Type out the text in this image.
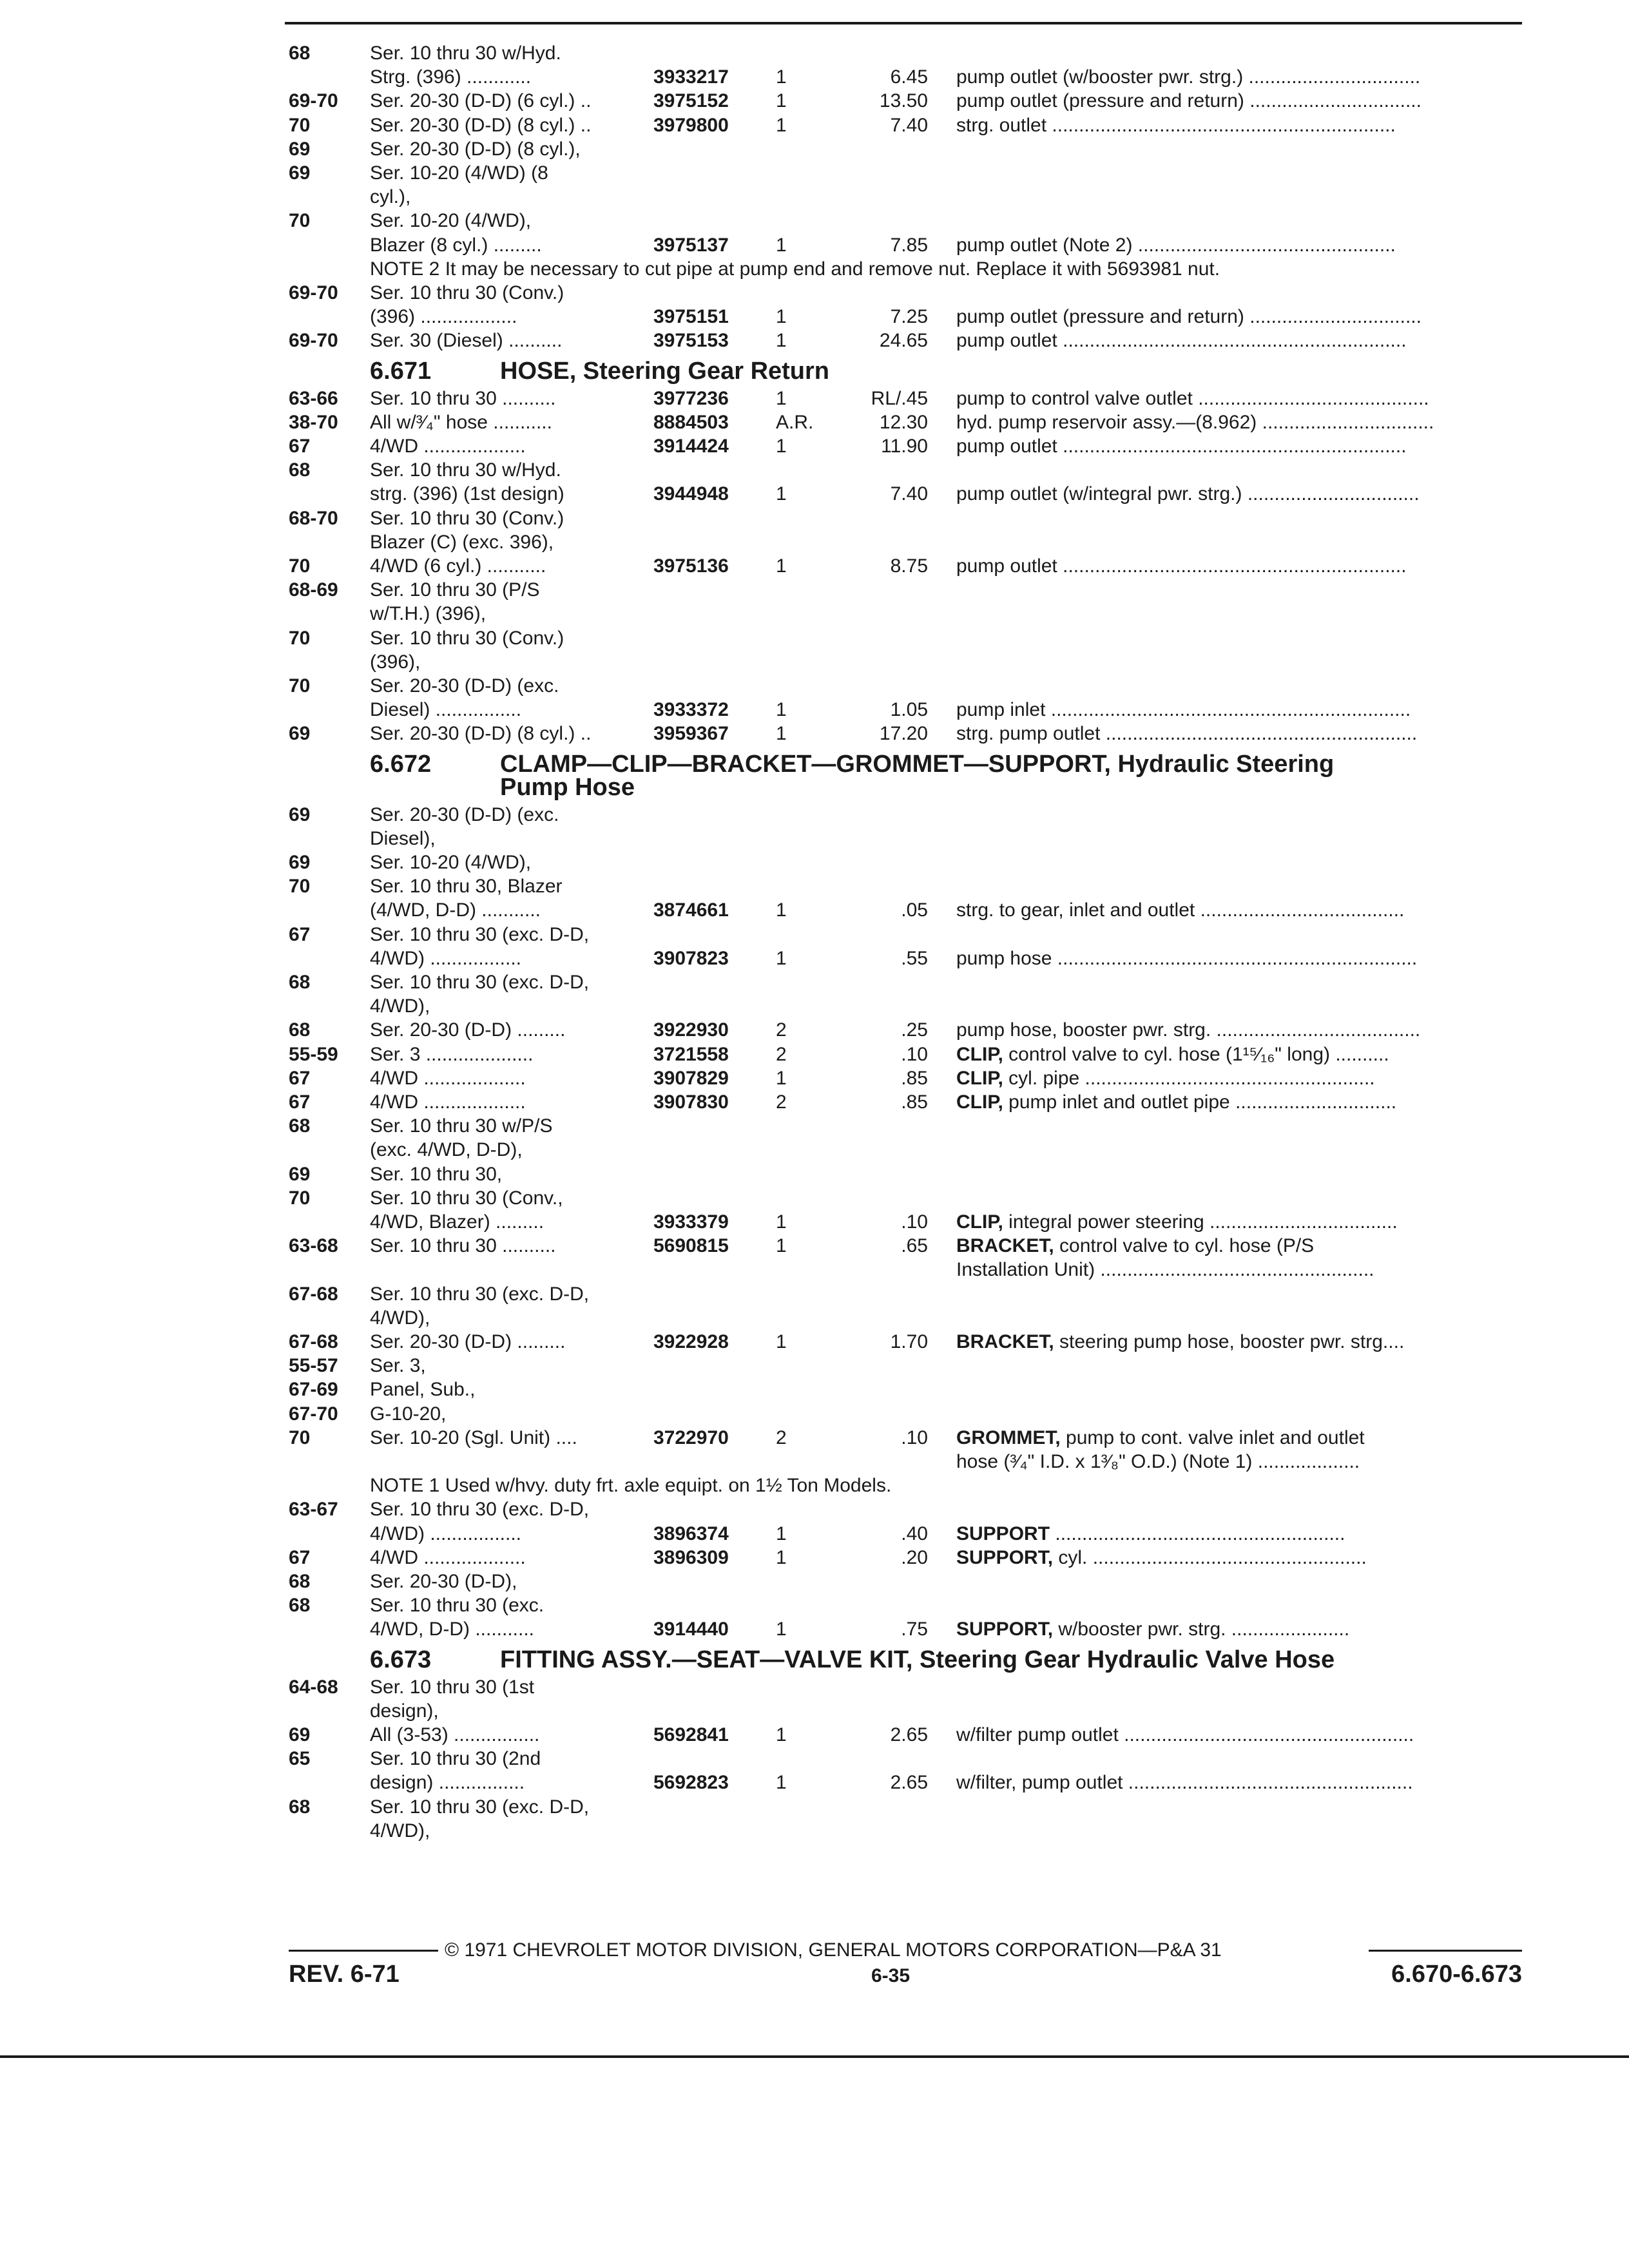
68	Ser. 10 thru 30 w/Hyd.
Strg. (396) ............	3933217 1	6.45 pump outlet (w/booster pwr. strg.) ................................
69-70 Ser. 20-30 (D-D) (6 cyl.) ..	3975152 1	13.50 pump outlet (pressure and return) ................................
70	Ser. 20-30 (D-D) (8 cyl.) ..	3979800 1	7.40 strg. outlet ................................................................
69	Ser. 20-30 (D-D) (8 cyl.),
69	Ser. 10-20 (4/WD) (8
cyl.),
70	Ser. 10-20 (4/WD),
Blazer (8 cyl.) .........	3975137 1	7.85 pump outlet (Note 2) ................................................
NOTE 2 It may be necessary to cut pipe at pump end and remove nut. Replace it with 5693981 nut.
69-70 Ser. 10 thru 30 (Conv.)
(396) ..................	3975151 1	7.25 pump outlet (pressure and return) ................................
69-70 Ser. 30 (Diesel) ..........	3975153 1	24.65 pump outlet ................................................................
6.671	HOSE, Steering Gear Return
63-66 Ser. 10 thru 30 ..........	3977236 1	RL/.45 pump to control valve outlet ...........................................
38-70 All w/³⁄₄" hose ...........	8884503 A.R.	12.30 hyd. pump reservoir assy.—(8.962) ................................
67	4/WD ...................	3914424 1	11.90 pump outlet ................................................................
68	Ser. 10 thru 30 w/Hyd.
strg. (396) (1st design)	3944948 1	7.40 pump outlet (w/integral pwr. strg.) ................................
68-70 Ser. 10 thru 30 (Conv.)
Blazer (C) (exc. 396),
70	4/WD (6 cyl.) ...........	3975136 1	8.75 pump outlet ................................................................
68-69 Ser. 10 thru 30 (P/S
w/T.H.) (396),
70	Ser. 10 thru 30 (Conv.)
(396),
70	Ser. 20-30 (D-D) (exc.
Diesel) ................	3933372 1	1.05 pump inlet ...................................................................
69	Ser. 20-30 (D-D) (8 cyl.) ..	3959367 1	17.20 strg. pump outlet ..........................................................
6.672	CLAMP—CLIP—BRACKET—GROMMET—SUPPORT, Hydraulic Steering
Pump Hose
69	Ser. 20-30 (D-D) (exc.
Diesel),
69	Ser. 10-20 (4/WD),
70	Ser. 10 thru 30, Blazer
(4/WD, D-D) ...........	3874661 1	.05 strg. to gear, inlet and outlet ......................................
67	Ser. 10 thru 30 (exc. D-D,
4/WD) .................	3907823 1	.55 pump hose ...................................................................
68	Ser. 10 thru 30 (exc. D-D,
4/WD),
68	Ser. 20-30 (D-D) .........	3922930 2	.25 pump hose, booster pwr. strg. ......................................
55-59 Ser. 3 ....................	3721558 2	.10 CLIP, control valve to cyl. hose (1¹⁵⁄₁₆" long) ..........
67	4/WD ...................	3907829 1	.85 CLIP, cyl. pipe ......................................................
67	4/WD ...................	3907830 2	.85 CLIP, pump inlet and outlet pipe ..............................
68	Ser. 10 thru 30 w/P/S
(exc. 4/WD, D-D),
69	Ser. 10 thru 30,
70	Ser. 10 thru 30 (Conv.,
4/WD, Blazer) .........	3933379 1	.10 CLIP, integral power steering ...................................
63-68 Ser. 10 thru 30 ..........	5690815 1	.65 BRACKET, control valve to cyl. hose (P/S
Installation Unit) ...................................................
67-68 Ser. 10 thru 30 (exc. D-D,
4/WD),
67-68 Ser. 20-30 (D-D) .........	3922928 1	1.70 BRACKET, steering pump hose, booster pwr. strg....
55-57 Ser. 3,
67-69 Panel, Sub.,
67-70 G-10-20,
70	Ser. 10-20 (Sgl. Unit) ....	3722970 2	.10 GROMMET, pump to cont. valve inlet and outlet
hose (³⁄₄" I.D. x 1³⁄₈" O.D.) (Note 1) ...................
NOTE 1 Used w/hvy. duty frt. axle equipt. on 1½ Ton Models.
63-67 Ser. 10 thru 30 (exc. D-D,
4/WD) .................	3896374 1	.40 SUPPORT ......................................................
67	4/WD ...................	3896309 1	.20 SUPPORT, cyl. ...................................................
68	Ser. 20-30 (D-D),
68	Ser. 10 thru 30 (exc.
4/WD, D-D) ...........	3914440 1	.75 SUPPORT, w/booster pwr. strg. ......................
6.673	FITTING ASSY.—SEAT—VALVE KIT, Steering Gear Hydraulic Valve Hose
64-68 Ser. 10 thru 30 (1st
design),
69	All (3-53) ................	5692841 1	2.65 w/filter pump outlet ......................................................
65	Ser. 10 thru 30 (2nd
design) ................	5692823 1	2.65 w/filter, pump outlet .....................................................
68	Ser. 10 thru 30 (exc. D-D,
4/WD),
© 1971 CHEVROLET MOTOR DIVISION, GENERAL MOTORS CORPORATION—P&A 31
REV. 6-71	6-35	6.670-6.673
